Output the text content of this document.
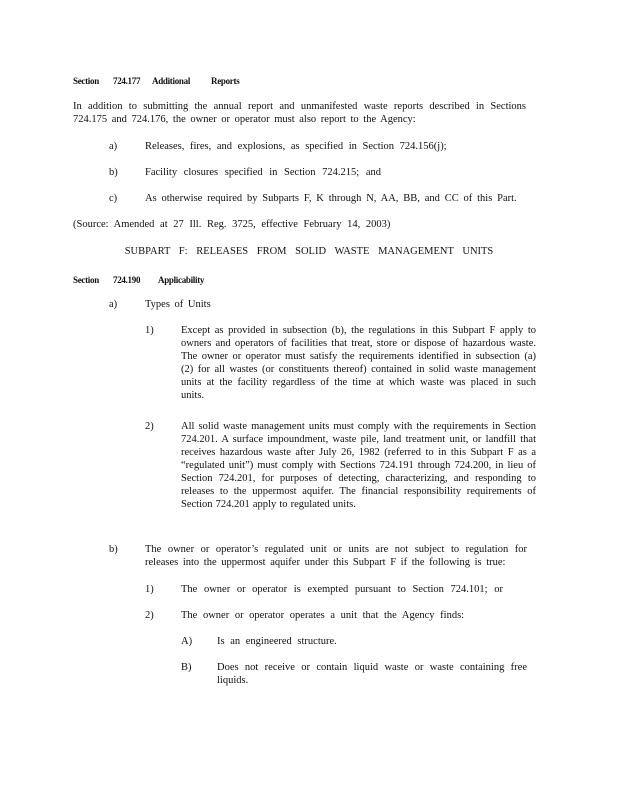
Section 724.177 Additional Reports
In addition to submitting the annual report and unmanifested waste reports described in Sections 724.175 and 724.176, the owner or operator must also report to the Agency:
a)	Releases, fires, and explosions, as specified in Section 724.156(j);
b)	Facility closures specified in Section 724.215; and
c)	As otherwise required by Subparts F, K through N, AA, BB, and CC of this Part.
(Source: Amended at 27 Ill. Reg. 3725, effective February 14, 2003)
SUBPART F: RELEASES FROM SOLID WASTE MANAGEMENT UNITS
Section 724.190 Applicability
a)	Types of Units
1)	Except as provided in subsection (b), the regulations in this Subpart F apply to owners and operators of facilities that treat, store or dispose of hazardous waste. The owner or operator must satisfy the requirements identified in subsection (a)(2) for all wastes (or constituents thereof) contained in solid waste management units at the facility regardless of the time at which waste was placed in such units.
2)	All solid waste management units must comply with the requirements in Section 724.201. A surface impoundment, waste pile, land treatment unit, or landfill that receives hazardous waste after July 26, 1982 (referred to in this Subpart F as a “regulated unit”) must comply with Sections 724.191 through 724.200, in lieu of Section 724.201, for purposes of detecting, characterizing, and responding to releases to the uppermost aquifer. The financial responsibility requirements of Section 724.201 apply to regulated units.
b)	The owner or operator’s regulated unit or units are not subject to regulation for releases into the uppermost aquifer under this Subpart F if the following is true:
1)	The owner or operator is exempted pursuant to Section 724.101; or
2)	The owner or operator operates a unit that the Agency finds:
A) Is an engineered structure.
B) Does not receive or contain liquid waste or waste containing free liquids.
